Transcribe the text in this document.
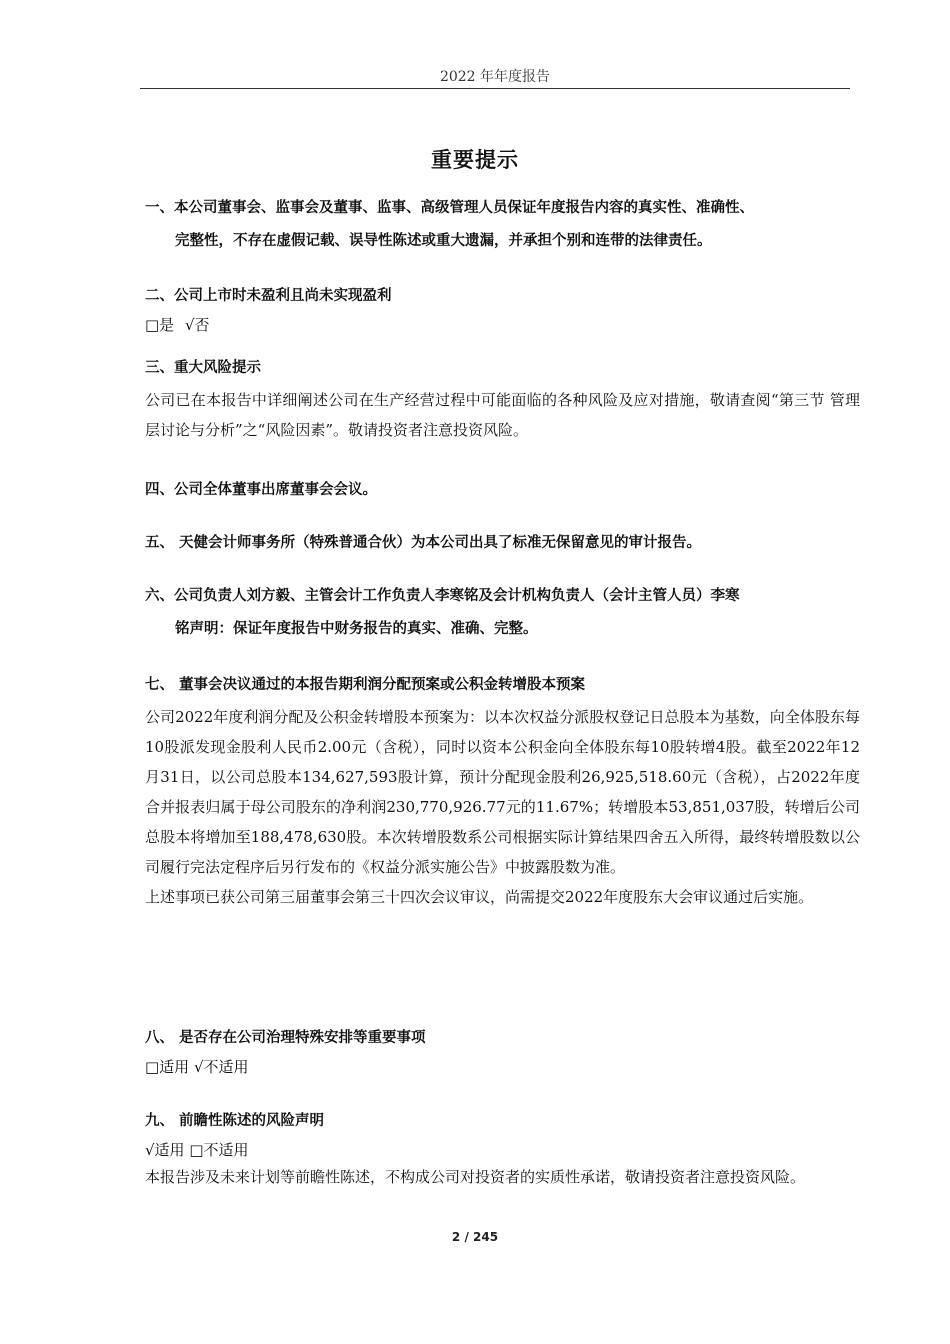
2022 年年度报告
重要提示

一、本公司董事会、监事会及董事、监事、高级管理人员保证年度报告内容的真实性、准确性、
完整性，不存在虚假记载、误导性陈述或重大遗漏，并承担个别和连带的法律责任。

二、公司上市时未盈利且尚未实现盈利

□是 √否

三、重大风险提示

公司已在本报告中详细阐述公司在生产经营过程中可能面临的各种风险及应对措施，敬请查阅“第三节 管理层讨论与分析”之“风险因素”。敬请投资者注意投资风险。

四、公司全体董事出席董事会会议。

五、 天健会计师事务所（特殊普通合伙）为本公司出具了标准无保留意见的审计报告。

六、公司负责人刘方毅、主管会计工作负责人李寒铭及会计机构负责人（会计主管人员）李寒
铭声明：保证年度报告中财务报告的真实、准确、完整。

七、 董事会决议通过的本报告期利润分配预案或公积金转增股本预案

公司2022年度利润分配及公积金转增股本预案为：以本次权益分派股权登记日总股本为基数，向全体股东每10股派发现金股利人民币2.00元（含税），同时以资本公积金向全体股东每10股转增4股。截至2022年12月31日，以公司总股本134,627,593股计算，预计分配现金股利26,925,518.60元（含税），占2022年度合并报表归属于母公司股东的净利润230,770,926.77元的11.67%；转增股本53,851,037股，转增后公司总股本将增加至188,478,630股。本次转增股数系公司根据实际计算结果四舍五入所得，最终转增股数以公司履行完法定程序后另行发布的《权益分派实施公告》中披露股数为准。

上述事项已获公司第三届董事会第三十四次会议审议，尚需提交2022年度股东大会审议通过后实施。

八、 是否存在公司治理特殊安排等重要事项

□适用 √不适用

九、 前瞻性陈述的风险声明

√适用 □不适用

本报告涉及未来计划等前瞻性陈述，不构成公司对投资者的实质性承诺，敬请投资者注意投资风险。

2 / 245
